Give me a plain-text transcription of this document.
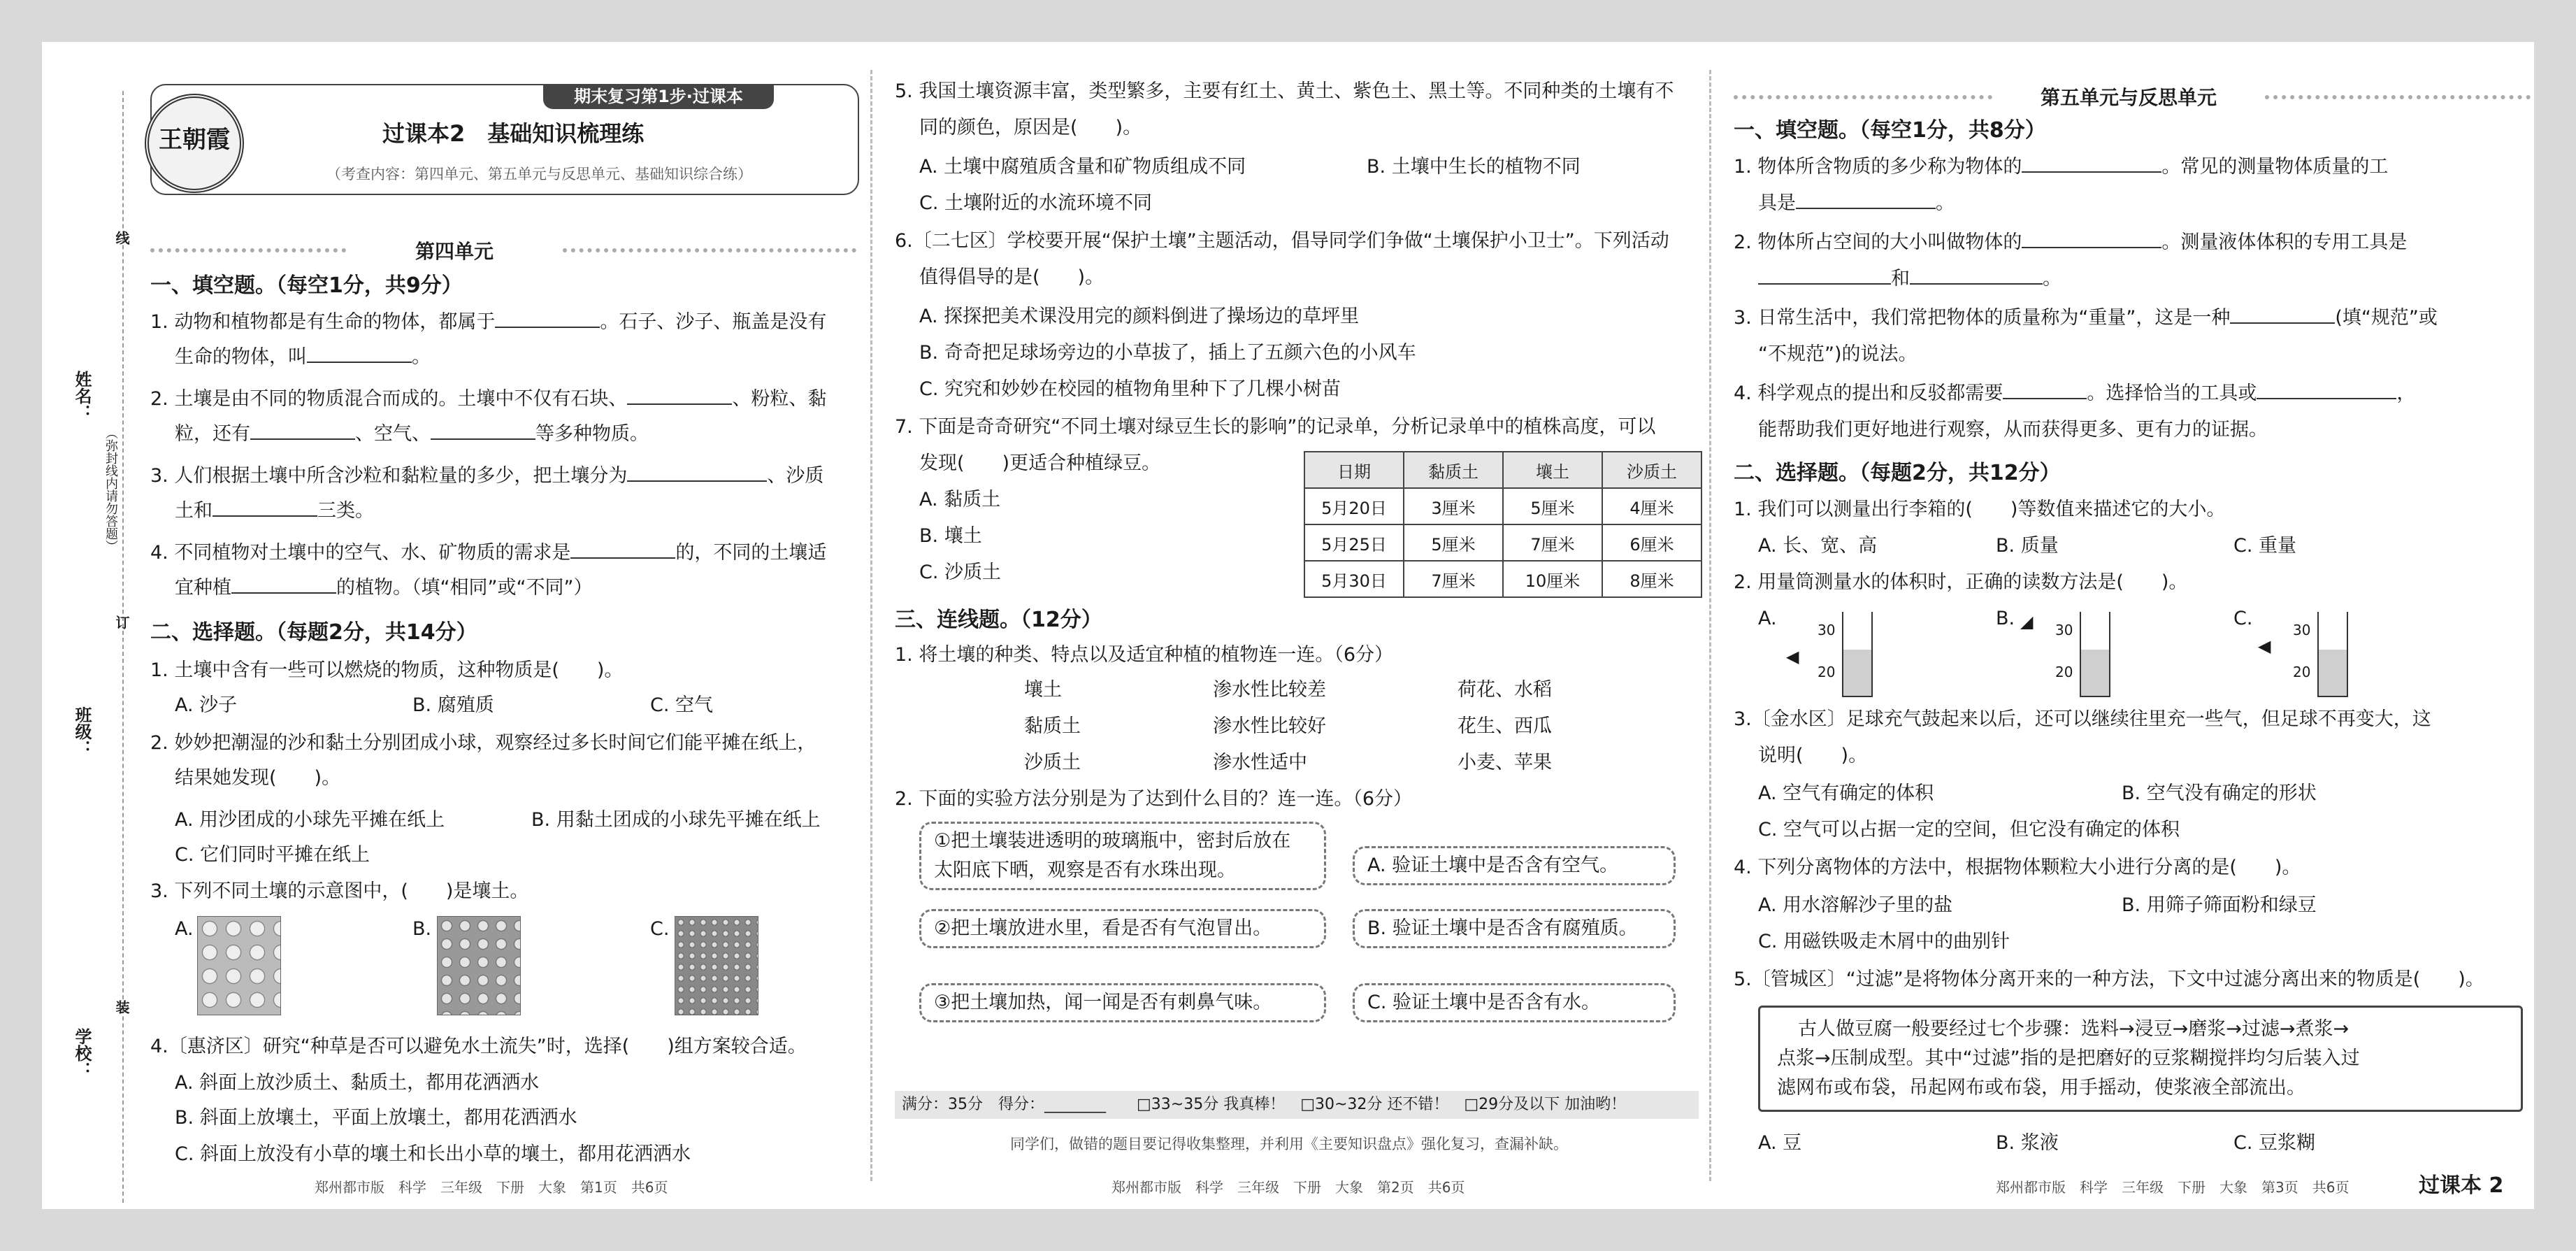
姓名：
班级：
学校：
（弥封线内请勿答题）
线
订
装
期末复习第1步·过课本
王朝霞	过课本2　基础知识梳理练
（考查内容：第四单元、第五单元与反思单元、基础知识综合练）
第四单元
一、填空题。（每空1分，共9分）
1. 动物和植物都是有生命的物体，都属于	。石子、沙子、瓶盖是没有
生命的物体，叫	。
2. 土壤是由不同的物质混合而成的。土壤中不仅有石块、	、粉粒、黏
粒，还有	、空气、	等多种物质。
3. 人们根据土壤中所含沙粒和黏粒量的多少，把土壤分为	、沙质
土和	三类。
4. 不同植物对土壤中的空气、水、矿物质的需求是	的，不同的土壤适
宜种植	的植物。（填“相同”或“不同”）
二、选择题。（每题2分，共14分）
1. 土壤中含有一些可以燃烧的物质，这种物质是(　　)。
A. 沙子	B. 腐殖质	C. 空气
2. 妙妙把潮湿的沙和黏土分别团成小球，观察经过多长时间它们能平摊在纸上，
结果她发现(　　)。
A. 用沙团成的小球先平摊在纸上	B. 用黏土团成的小球先平摊在纸上
C. 它们同时平摊在纸上
3. 下列不同土壤的示意图中，(　　)是壤土。
A.	B.	C.
4.〔惠济区〕研究“种草是否可以避免水土流失”时，选择(　　)组方案较合适。
A. 斜面上放沙质土、黏质土，都用花洒洒水
B. 斜面上放壤土，平面上放壤土，都用花洒洒水
C. 斜面上放没有小草的壤土和长出小草的壤土，都用花洒洒水
郑州都市版　科学　三年级　下册　大象　第1页　共6页
5. 我国土壤资源丰富，类型繁多，主要有红土、黄土、紫色土、黑土等。不同种类的土壤有不
同的颜色，原因是(　　)。
A. 土壤中腐殖质含量和矿物质组成不同	B. 土壤中生长的植物不同
C. 土壤附近的水流环境不同
6.〔二七区〕学校要开展“保护土壤”主题活动，倡导同学们争做“土壤保护小卫士”。下列活动
值得倡导的是(　　)。
A. 探探把美术课没用完的颜料倒进了操场边的草坪里
B. 奇奇把足球场旁边的小草拔了，插上了五颜六色的小风车
C. 究究和妙妙在校园的植物角里种下了几棵小树苗
7. 下面是奇奇研究“不同土壤对绿豆生长的影响”的记录单，分析记录单中的植株高度，可以
发现(　　)更适合种植绿豆。
A. 黏质土
B. 壤土
C. 沙质土
日期	黏质土	壤土	沙质土
5月20日	3厘米	5厘米	4厘米
5月25日	5厘米	7厘米	6厘米
5月30日	7厘米	10厘米	8厘米
三、连线题。（12分）
1. 将土壤的种类、特点以及适宜种植的植物连一连。（6分）
壤土
黏质土
沙质土
渗水性比较差
渗水性比较好
渗水性适中
荷花、水稻
花生、西瓜
小麦、苹果
2. 下面的实验方法分别是为了达到什么目的？连一连。（6分）
①把土壤装进透明的玻璃瓶中，密封后放在
太阳底下晒，观察是否有水珠出现。
②把土壤放进水里，看是否有气泡冒出。
③把土壤加热，闻一闻是否有刺鼻气味。
A. 验证土壤中是否含有空气。
B. 验证土壤中是否含有腐殖质。
C. 验证土壤中是否含有水。
满分：35分　得分：________　　□33~35分 我真棒！　□30~32分 还不错！　□29分及以下 加油哟！
同学们，做错的题目要记得收集整理，并利用《主要知识盘点》强化复习，查漏补缺。
郑州都市版　科学　三年级　下册　大象　第2页　共6页
第五单元与反思单元
一、填空题。（每空1分，共8分）
1. 物体所含物质的多少称为物体的	。常见的测量物体质量的工
具是	。
2. 物体所占空间的大小叫做物体的	。测量液体体积的专用工具是
和	。
3. 日常生活中，我们常把物体的质量称为“重量”，这是一种	(填“规范”或
“不规范”)的说法。
4. 科学观点的提出和反驳都需要	。选择恰当的工具或	，
能帮助我们更好地进行观察，从而获得更多、更有力的证据。
二、选择题。（每题2分，共12分）
1. 我们可以测量出行李箱的(　　)等数值来描述它的大小。
A. 长、宽、高	B. 质量	C. 重量
2. 用量筒测量水的体积时，正确的读数方法是(　　)。
A.
30
20
◀
B.
30
20
◢	C.
30
20
◀
3.〔金水区〕足球充气鼓起来以后，还可以继续往里充一些气，但足球不再变大，这
说明(　　)。
A. 空气有确定的体积	B. 空气没有确定的形状
C. 空气可以占据一定的空间，但它没有确定的体积
4. 下列分离物体的方法中，根据物体颗粒大小进行分离的是(　　)。
A. 用水溶解沙子里的盐	B. 用筛子筛面粉和绿豆
C. 用磁铁吸走木屑中的曲别针
5.〔管城区〕“过滤”是将物体分离开来的一种方法，下文中过滤分离出来的物质是(　　)。
古人做豆腐一般要经过七个步骤：选料→浸豆→磨浆→过滤→煮浆→
点浆→压制成型。其中“过滤”指的是把磨好的豆浆糊搅拌均匀后装入过
滤网布或布袋，吊起网布或布袋，用手摇动，使浆液全部流出。
A. 豆	B. 浆液	C. 豆浆糊
郑州都市版　科学　三年级　下册　大象　第3页　共6页	过课本 2
